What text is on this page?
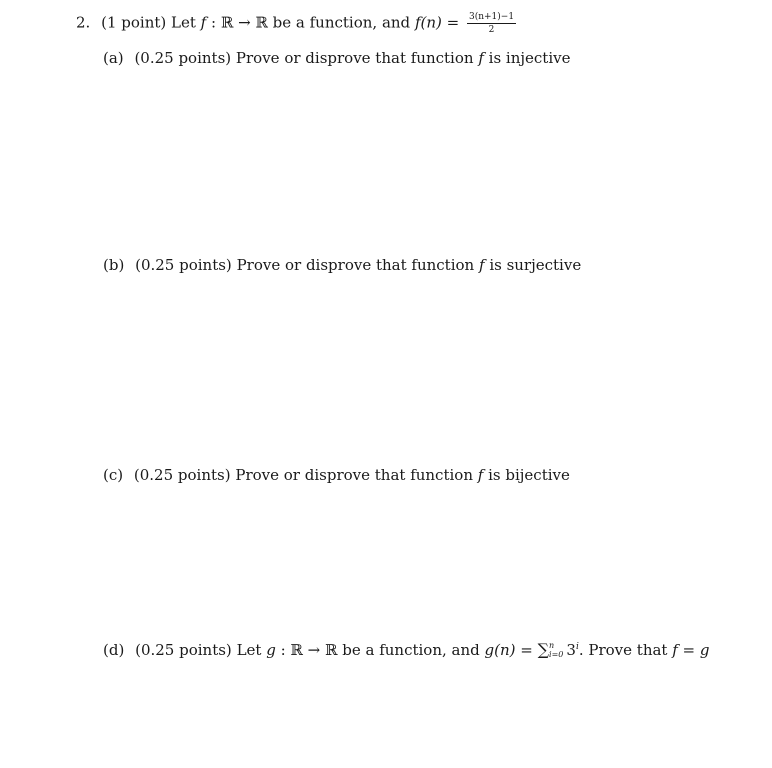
2. (1 point) Let f : ℝ → ℝ be a function, and $f(n) = \frac{3(n+1)-1}{2}$
(a) (0.25 points) Prove or disprove that function f is injective
(b) (0.25 points) Prove or disprove that function f is surjective
(c) (0.25 points) Prove or disprove that function f is bijective
(d) (0.25 points) Let g : ℝ → ℝ be a function, and g(n) = ∑ n
i=0 3$^i$. Prove that f = g
